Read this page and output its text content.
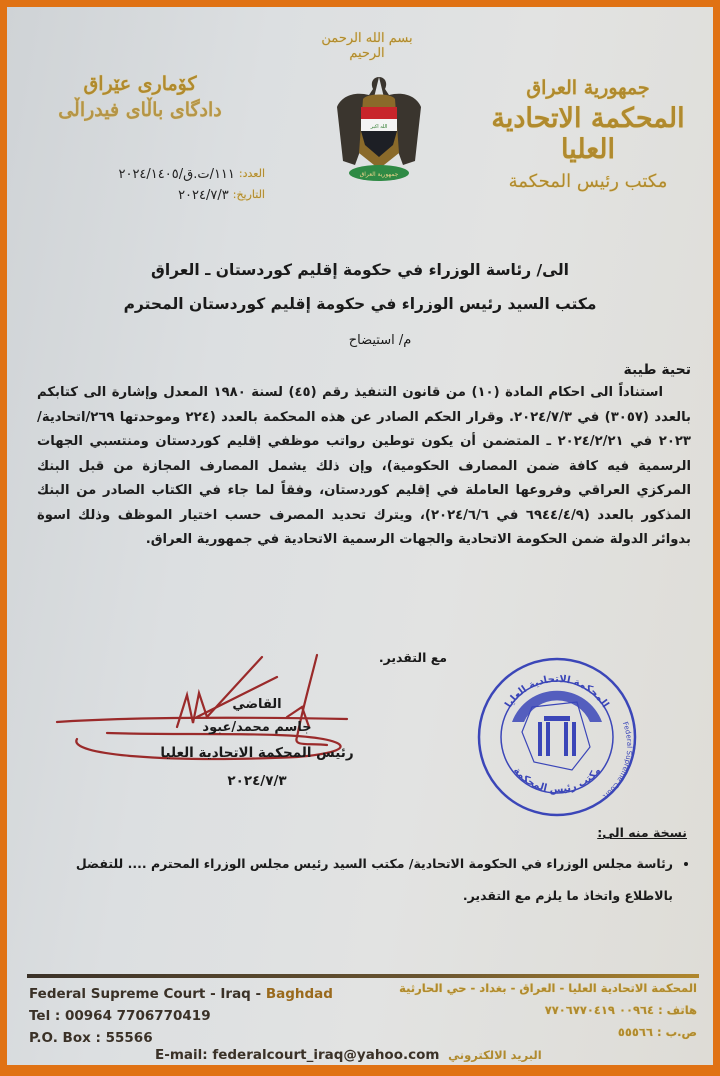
بسم الله الرحمن الرحيم
جمهورية العراق
المحكمة الاتحادية العليا
مكتب رئيس المحكمة
کۆماری عێراق
دادگای باڵای فیدراڵی
العدد:
١١١/ت.ق/٢٠٢٤/١٤٠٥
التاريخ:
٢٠٢٤/٧/٣
الله اكبر
جمهورية العراق
الى/ رئاسة الوزراء في حكومة إقليم كوردستان ـ العراق
مكتب السيد رئيس الوزراء في حكومة إقليم كوردستان المحترم
م/ استيضاح
تحية طيبة

استناداً الى احكام المادة (١٠) من قانون التنفيذ رقم (٤٥) لسنة ١٩٨٠ المعدل وإشارة الى كتابكم بالعدد (٣٠٥٧) في ٢٠٢٤/٧/٣. وقرار الحكم الصادر عن هذه المحكمة بالعدد (٢٢٤ وموحدتها ٢٦٩/اتحادية/٢٠٢٣ في ٢٠٢٤/٢/٢١ ـ المتضمن أن يكون توطين رواتب موظفي إقليم كوردستان ومنتسبي الجهات الرسمية فيه كافة ضمن المصارف الحكومية)، وإن ذلك يشمل المصارف المجازة من قبل البنك المركزي العراقي وفروعها العاملة في إقليم كوردستان، وفقاً لما جاء في الكتاب الصادر من البنك المذكور بالعدد (٦٩٤٤/٤/٩ في ٢٠٢٤/٦/٦)، ويترك تحديد المصرف حسب اختيار الموظف وذلك اسوة بدوائر الدولة ضمن الحكومة الاتحادية والجهات الرسمية الاتحادية في جمهورية العراق.

مع التقدير.
القاضي
جاسم محمد/عبود
رئيس المحكمة الاتحادية العليا
٢٠٢٤/٧/٣
المحكمة الاتحادية العليا
مكتب رئيس المحكمة
Federal Supreme Court
نسخة منه الى:
• رئاسة مجلس الوزراء في الحكومة الاتحادية/ مكتب السيد رئيس مجلس الوزراء المحترم .... للتفضل بالاطلاع واتخاذ ما يلزم مع التقدير.
Federal Supreme Court - Iraq - Baghdad
Tel : 00964 7706770419
P.O. Box : 55566
المحكمة الاتحادية العليا - العراق - بغداد - حي الحارثية
هاتف : ٠٠٩٦٤ ٧٧٠٦٧٧٠٤١٩
ص.ب : ٥٥٥٦٦
E-mail: federalcourt_iraq@yahoo.com البريد الالكتروني
